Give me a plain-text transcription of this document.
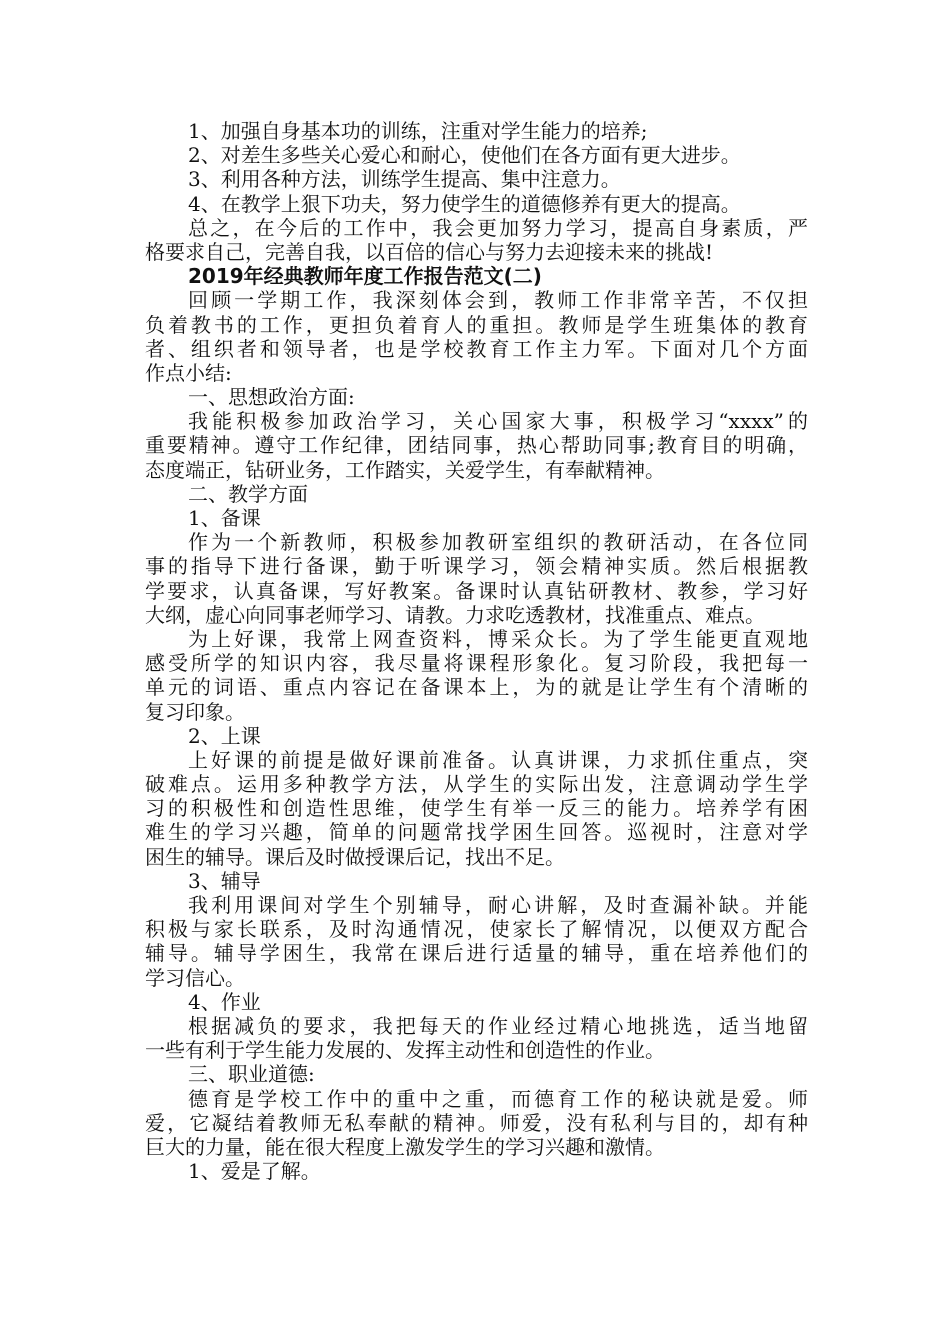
1、加强自身基本功的训练，注重对学生能力的培养;
2、对差生多些关心爱心和耐心，使他们在各方面有更大进步。
3、利用各种方法，训练学生提高、集中注意力。
4、在教学上狠下功夫，努力使学生的道德修养有更大的提高。
总之，在今后的工作中，我会更加努力学习，提高自身素质，严
格要求自己，完善自我，以百倍的信心与努力去迎接未来的挑战!
2019年经典教师年度工作报告范文(二)
回顾一学期工作，我深刻体会到，教师工作非常辛苦，不仅担
负着教书的工作，更担负着育人的重担。教师是学生班集体的教育
者、组织者和领导者，也是学校教育工作主力军。下面对几个方面
作点小结:
一、思想政治方面:
我能积极参加政治学习，关心国家大事，积极学习“xxxx”的
重要精神。遵守工作纪律，团结同事，热心帮助同事;教育目的明确，
态度端正，钻研业务，工作踏实，关爱学生，有奉献精神。
二、教学方面
1、备课
作为一个新教师，积极参加教研室组织的教研活动，在各位同
事的指导下进行备课，勤于听课学习，领会精神实质。然后根据教
学要求，认真备课，写好教案。备课时认真钻研教材、教参，学习好
大纲，虚心向同事老师学习、请教。力求吃透教材，找准重点、难点。
为上好课，我常上网查资料，博采众长。为了学生能更直观地
感受所学的知识内容，我尽量将课程形象化。复习阶段，我把每一
单元的词语、重点内容记在备课本上，为的就是让学生有个清晰的
复习印象。
2、上课
上好课的前提是做好课前准备。认真讲课，力求抓住重点，突
破难点。运用多种教学方法，从学生的实际出发，注意调动学生学
习的积极性和创造性思维，使学生有举一反三的能力。培养学有困
难生的学习兴趣，简单的问题常找学困生回答。巡视时，注意对学
困生的辅导。课后及时做授课后记，找出不足。
3、辅导
我利用课间对学生个别辅导，耐心讲解，及时查漏补缺。并能
积极与家长联系，及时沟通情况，使家长了解情况，以便双方配合
辅导。辅导学困生，我常在课后进行适量的辅导，重在培养他们的
学习信心。
4、作业
根据减负的要求，我把每天的作业经过精心地挑选，适当地留
一些有利于学生能力发展的、发挥主动性和创造性的作业。
三、职业道德:
德育是学校工作中的重中之重，而德育工作的秘诀就是爱。师
爱，它凝结着教师无私奉献的精神。师爱，没有私利与目的，却有种
巨大的力量，能在很大程度上激发学生的学习兴趣和激情。
1、爱是了解。
